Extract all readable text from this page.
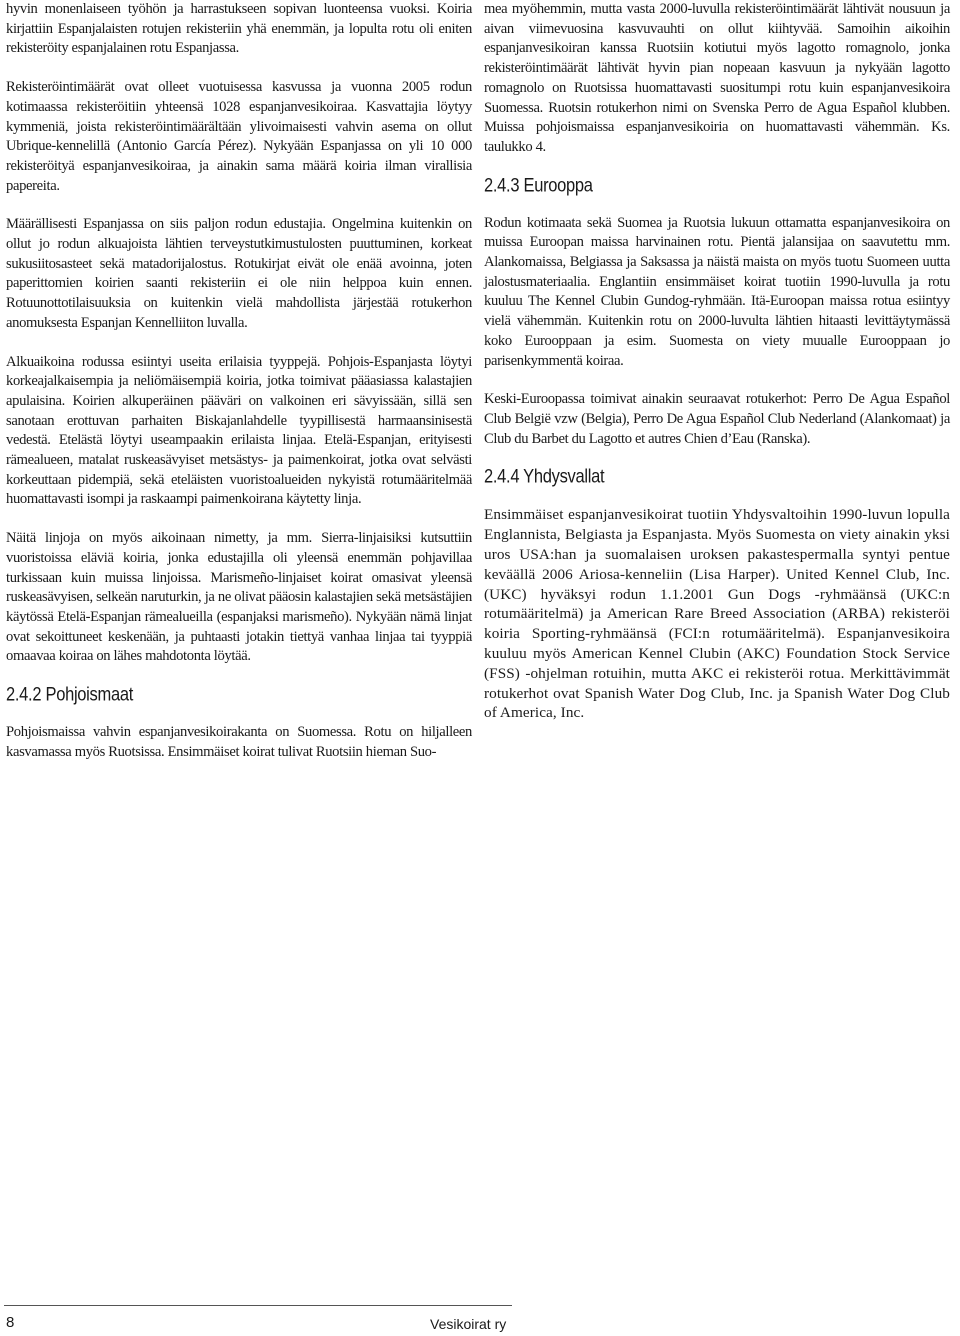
hyvin monenlaiseen työhön ja harrastukseen sopivan luonteensa vuoksi. Koiria kirjattiin Espanjalaisten rotujen rekisteriin yhä enemmän, ja lopulta rotu oli eniten rekisteröity espanjalainen rotu Espanjassa.

Rekisteröintimäärät ovat olleet vuotuisessa kasvussa ja vuonna 2005 rodun kotimaassa rekisteröitiin yhteensä 1028 espanjanvesikoiraa. Kasvattajia löytyy kymmeniä, joista rekisteröintimäärältään ylivoimaisesti vahvin asema on ollut Ubrique-kennelillä (Antonio García Pérez). Nykyään Espanjassa on yli 10 000 rekisteröityä espanjanvesikoiraa, ja ainakin sama määrä koiria ilman virallisia papereita.

Määrällisesti Espanjassa on siis paljon rodun edustajia. Ongelmina kuitenkin on ollut jo rodun alkuajoista lähtien terveystutkimustulosten puuttuminen, korkeat sukusiitosasteet sekä matadorijalostus. Rotukirjat eivät ole enää avoinna, joten paperittomien koirien saanti rekisteriin ei ole niin helppoa kuin ennen. Rotuunottotilaisuuksia on kuitenkin vielä mahdollista järjestää rotukerhon anomuksesta Espanjan Kennelliiton luvalla.

Alkuaikoina rodussa esiintyi useita erilaisia tyyppejä. Pohjois-Espanjasta löytyi korkeajalkaisempia ja neliömäisempiä koiria, jotka toimivat pääasiassa kalastajien apulaisina. Koirien alkuperäinen pääväri on valkoinen eri sävyissään, sillä sen sanotaan erottuvan parhaiten Biskajanlahdelle tyypillisestä harmaansinisestä vedestä. Etelästä löytyi useampaakin erilaista linjaa. Etelä-Espanjan, erityisesti rämealueen, matalat ruskeasävyiset metsästys- ja paimenkoirat, jotka ovat selvästi korkeuttaan pidempiä, sekä eteläisten vuoristoalueiden nykyistä rotumääritelmää huomattavasti isompi ja raskaampi paimenkoirana käytetty linja.

Näitä linjoja on myös aikoinaan nimetty, ja mm. Sierra-linjaisiksi kutsuttiin vuoristoissa eläviä koiria, jonka edustajilla oli yleensä enemmän pohjavillaa turkissaan kuin muissa linjoissa. Marismeño-linjaiset koirat omasivat yleensä ruskeasävyisen, selkeän naruturkin, ja ne olivat pääosin kalastajien sekä metsästäjien käytössä Etelä-Espanjan rämealueilla (espanjaksi marismeño). Nykyään nämä linjat ovat sekoittuneet keskenään, ja puhtaasti jotakin tiettyä vanhaa linjaa tai tyyppiä omaavaa koiraa on lähes mahdotonta löytää.

2.4.2 Pohjoismaat

Pohjoismaissa vahvin espanjanvesikoirakanta on Suomessa. Rotu on hiljalleen kasvamassa myös Ruotsissa. Ensimmäiset koirat tulivat Ruotsiin hieman Suo-

mea myöhemmin, mutta vasta 2000-luvulla rekisteröintimäärät lähtivät nousuun ja aivan viimevuosina kasvuvauhti on ollut kiihtyvää. Samoihin aikoihin espanjanvesikoiran kanssa Ruotsiin kotiutui myös lagotto romagnolo, jonka rekisteröintimäärät lähtivät hyvin pian nopeaan kasvuun ja nykyään lagotto romagnolo on Ruotsissa huomattavasti suositumpi rotu kuin espanjanvesikoira Suomessa. Ruotsin rotukerhon nimi on Svenska Perro de Agua Español klubben. Muissa pohjoismaissa espanjanvesikoiria on huomattavasti vähemmän. Ks. taulukko 4.

2.4.3 Eurooppa

Rodun kotimaata sekä Suomea ja Ruotsia lukuun ottamatta espanjanvesikoira on muissa Euroopan maissa harvinainen rotu. Pientä jalansijaa on saavutettu mm. Alankomaissa, Belgiassa ja Saksassa ja näistä maista on myös tuotu Suomeen uutta jalostusmateriaalia. Englantiin ensimmäiset koirat tuotiin 1990-luvulla ja rotu kuuluu The Kennel Clubin Gundog-ryhmään. Itä-Euroopan maissa rotua esiintyy vielä vähemmän. Kuitenkin rotu on 2000-luvulta lähtien hitaasti levittäytymässä koko Eurooppaan ja esim. Suomesta on viety muualle Eurooppaan jo parisenkymmentä koiraa.

Keski-Euroopassa toimivat ainakin seuraavat rotukerhot: Perro De Agua Español Club België vzw (Belgia), Perro De Agua Español Club Nederland (Alankomaat) ja Club du Barbet du Lagotto et autres Chien d’Eau (Ranska).

2.4.4 Yhdysvallat

Ensimmäiset espanjanvesikoirat tuotiin Yhdysvaltoihin 1990-luvun lopulla Englannista, Belgiasta ja Espanjasta. Myös Suomesta on viety ainakin yksi uros USA:han ja suomalaisen uroksen pakastespermalla syntyi pentue keväällä 2006 Ariosa-kenneliin (Lisa Harper). United Kennel Club, Inc. (UKC) hyväksyi rodun 1.1.2001 Gun Dogs -ryhmäänsä (UKC:n rotumääritelmä) ja American Rare Breed Association (ARBA) rekisteröi koiria Sporting-ryhmäänsä (FCI:n rotumääritelmä). Espanjanvesikoira kuuluu myös American Kennel Clubin (AKC) Foundation Stock Service (FSS) -ohjelman rotuihin, mutta AKC ei rekisteröi rotua. Merkittävimmät rotukerhot ovat Spanish Water Dog Club, Inc. ja Spanish Water Dog Club of America, Inc.

8	Vesikoirat ry
